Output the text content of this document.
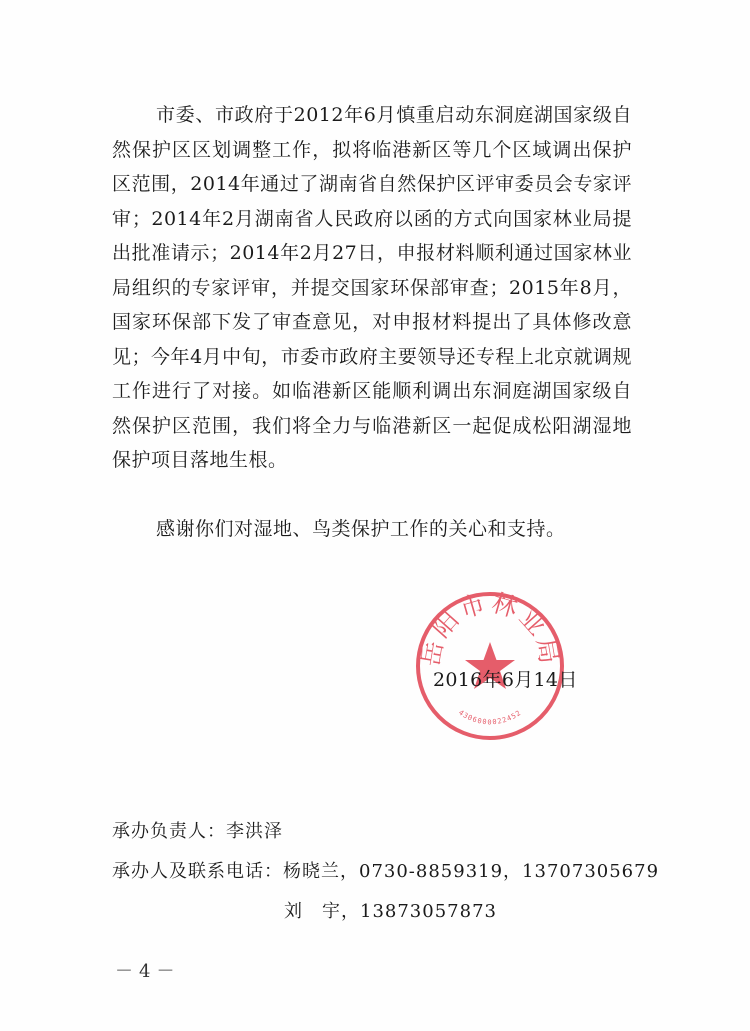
市委、市政府于2012年6月慎重启动东洞庭湖国家级自然保护区区划调整工作，拟将临港新区等几个区域调出保护区范围，2014年通过了湖南省自然保护区评审委员会专家评审；2014年2月湖南省人民政府以函的方式向国家林业局提出批准请示；2014年2月27日，申报材料顺利通过国家林业局组织的专家评审，并提交国家环保部审查；2015年8月，国家环保部下发了审查意见，对申报材料提出了具体修改意见；今年4月中旬，市委市政府主要领导还专程上北京就调规工作进行了对接。如临港新区能顺利调出东洞庭湖国家级自然保护区范围，我们将全力与临港新区一起促成松阳湖湿地保护项目落地生根。

感谢你们对湿地、鸟类保护工作的关心和支持。

岳阳市林业局
4306000022452
2016年6月14日
承办负责人：李洪泽
承办人及联系电话：杨晓兰，0730-8859319，13707305679
刘　宇，13873057873
－4－
